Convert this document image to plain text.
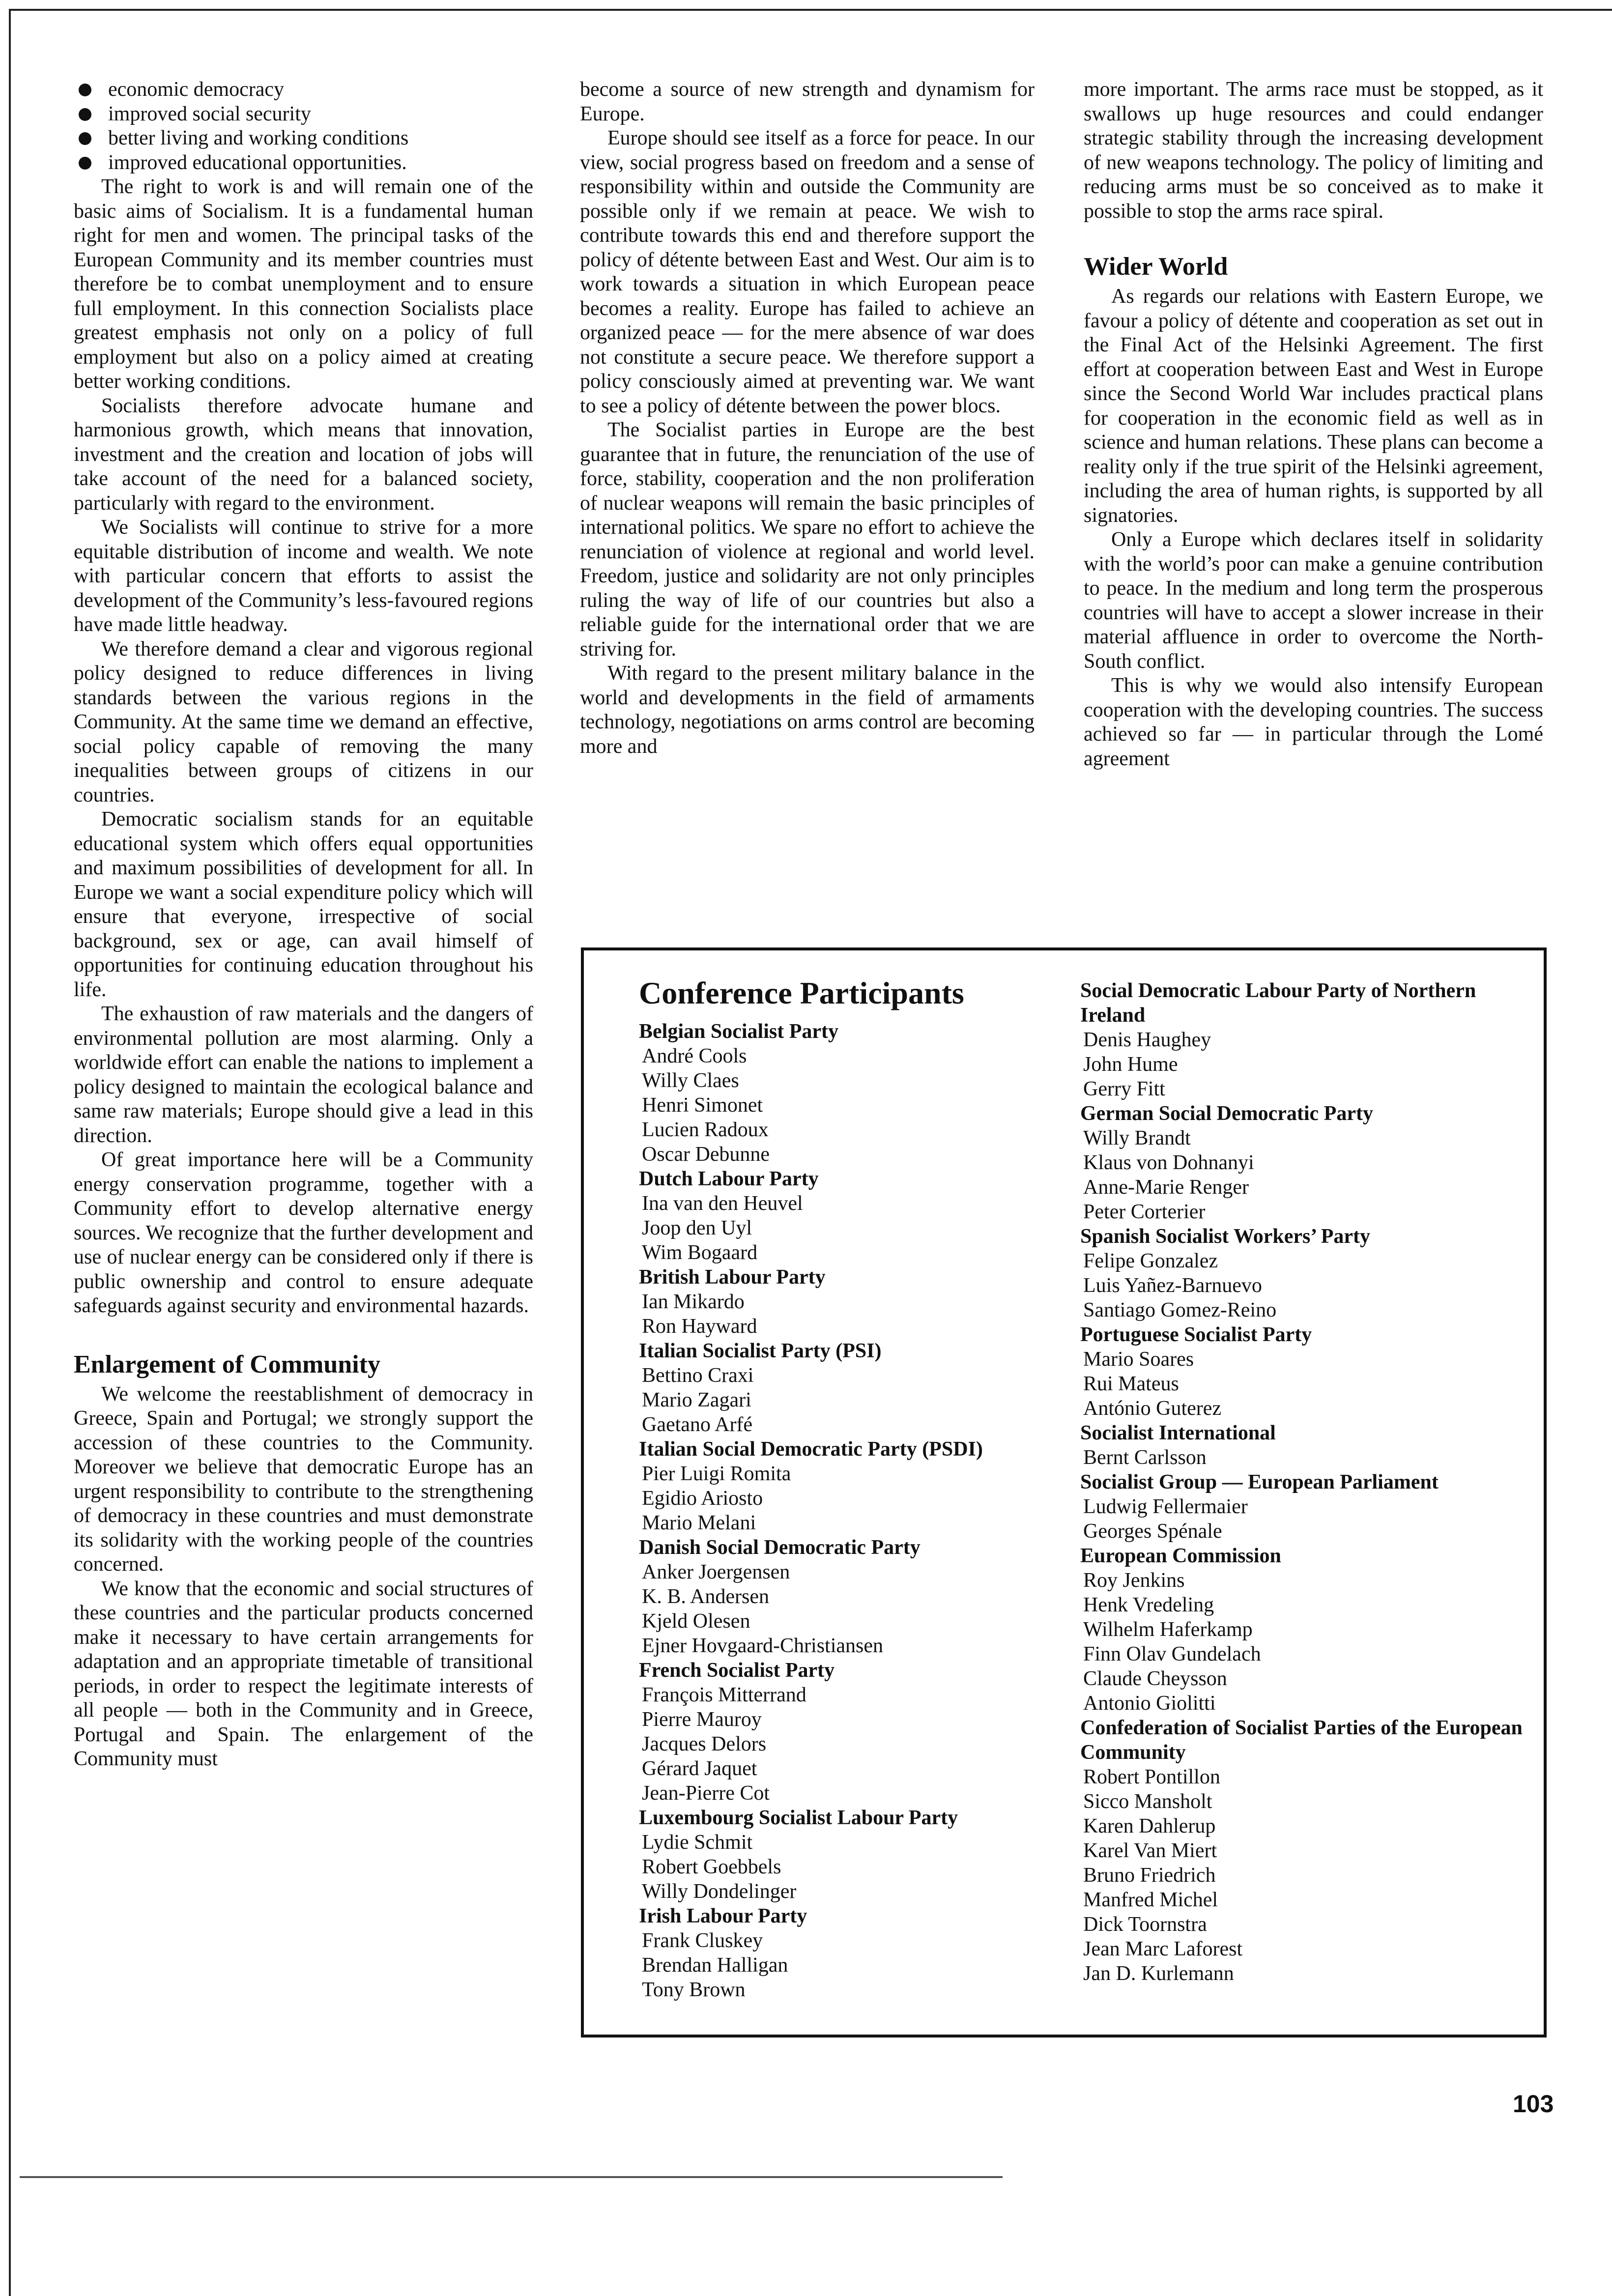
economic democracy
improved social security
better living and working conditions
improved educational opportunities.

The right to work is and will remain one of the basic aims of Socialism. It is a fundamental human right for men and women. The principal tasks of the European Community and its member countries must therefore be to combat unemployment and to ensure full employment. In this connection Socialists place greatest emphasis not only on a policy of full employment but also on a policy aimed at creating better working conditions.

Socialists therefore advocate humane and harmonious growth, which means that innovation, investment and the creation and location of jobs will take account of the need for a balanced society, particularly with regard to the environment.

We Socialists will continue to strive for a more equitable distribution of income and wealth. We note with particular concern that efforts to assist the development of the Community’s less-favoured regions have made little headway.

We therefore demand a clear and vigorous regional policy designed to reduce differences in living standards between the various regions in the Community. At the same time we demand an effective, social policy capable of removing the many inequalities between groups of citizens in our countries.

Democratic socialism stands for an equitable educational system which offers equal opportunities and maximum possibilities of development for all. In Europe we want a social expenditure policy which will ensure that everyone, irrespective of social background, sex or age, can avail himself of opportunities for continuing education throughout his life.

The exhaustion of raw materials and the dangers of environmental pollution are most alarming. Only a worldwide effort can enable the nations to implement a policy designed to maintain the ecological balance and same raw materials; Europe should give a lead in this direction.

Of great importance here will be a Community energy conservation programme, together with a Community effort to develop alternative energy sources. We recognize that the further development and use of nuclear energy can be considered only if there is public ownership and control to ensure adequate safeguards against security and environmental hazards.

Enlargement of Community

We welcome the reestablishment of democracy in Greece, Spain and Portugal; we strongly support the accession of these countries to the Community. Moreover we believe that democratic Europe has an urgent responsibility to contribute to the strengthening of democracy in these countries and must demonstrate its solidarity with the working people of the countries concerned.

We know that the economic and social structures of these countries and the particular products concerned make it necessary to have certain arrangements for adaptation and an appropriate timetable of transitional periods, in order to respect the legitimate interests of all people — both in the Community and in Greece, Portugal and Spain. The enlargement of the Community must

become a source of new strength and dynamism for Europe.

Europe should see itself as a force for peace. In our view, social progress based on freedom and a sense of responsibility within and outside the Community are possible only if we remain at peace. We wish to contribute towards this end and therefore support the policy of détente between East and West. Our aim is to work towards a situation in which European peace becomes a reality. Europe has failed to achieve an organized peace — for the mere absence of war does not constitute a secure peace. We therefore support a policy consciously aimed at preventing war. We want to see a policy of détente between the power blocs.

The Socialist parties in Europe are the best guarantee that in future, the renunciation of the use of force, stability, cooperation and the non proliferation of nuclear weapons will remain the basic principles of international politics. We spare no effort to achieve the renunciation of violence at regional and world level. Freedom, justice and solidarity are not only principles ruling the way of life of our countries but also a reliable guide for the international order that we are striving for.

With regard to the present military balance in the world and developments in the field of armaments technology, negotiations on arms control are becoming more and

more important. The arms race must be stopped, as it swallows up huge resources and could endanger strategic stability through the increasing development of new weapons technology. The policy of limiting and reducing arms must be so conceived as to make it possible to stop the arms race spiral.

Wider World

As regards our relations with Eastern Europe, we favour a policy of détente and cooperation as set out in the Final Act of the Helsinki Agreement. The first effort at cooperation between East and West in Europe since the Second World War includes practical plans for cooperation in the economic field as well as in science and human relations. These plans can become a reality only if the true spirit of the Helsinki agreement, including the area of human rights, is supported by all signatories.

Only a Europe which declares itself in solidarity with the world’s poor can make a genuine contribution to peace. In the medium and long term the prosperous countries will have to accept a slower increase in their material affluence in order to overcome the North-South conflict.

This is why we would also intensify European cooperation with the developing countries. The success achieved so far — in particular through the Lomé agreement

Conference Participants
Belgian Socialist Party
André Cools
Willy Claes
Henri Simonet
Lucien Radoux
Oscar Debunne
Dutch Labour Party
Ina van den Heuvel
Joop den Uyl
Wim Bogaard
British Labour Party
Ian Mikardo
Ron Hayward
Italian Socialist Party (PSI)
Bettino Craxi
Mario Zagari
Gaetano Arfé
Italian Social Democratic Party (PSDI)
Pier Luigi Romita
Egidio Ariosto
Mario Melani
Danish Social Democratic Party
Anker Joergensen
K. B. Andersen
Kjeld Olesen
Ejner Hovgaard-Christiansen
French Socialist Party
François Mitterrand
Pierre Mauroy
Jacques Delors
Gérard Jaquet
Jean-Pierre Cot
Luxembourg Socialist Labour Party
Lydie Schmit
Robert Goebbels
Willy Dondelinger
Irish Labour Party
Frank Cluskey
Brendan Halligan
Tony Brown
Social Democratic Labour Party of Northern Ireland
Denis Haughey
John Hume
Gerry Fitt
German Social Democratic Party
Willy Brandt
Klaus von Dohnanyi
Anne-Marie Renger
Peter Corterier
Spanish Socialist Workers’ Party
Felipe Gonzalez
Luis Yañez-Barnuevo
Santiago Gomez-Reino
Portuguese Socialist Party
Mario Soares
Rui Mateus
António Guterez
Socialist International
Bernt Carlsson
Socialist Group — European Parliament
Ludwig Fellermaier
Georges Spénale
European Commission
Roy Jenkins
Henk Vredeling
Wilhelm Haferkamp
Finn Olav Gundelach
Claude Cheysson
Antonio Giolitti
Confederation of Socialist Parties of the European Community
Robert Pontillon
Sicco Mansholt
Karen Dahlerup
Karel Van Miert
Bruno Friedrich
Manfred Michel
Dick Toornstra
Jean Marc Laforest
Jan D. Kurlemann
103
